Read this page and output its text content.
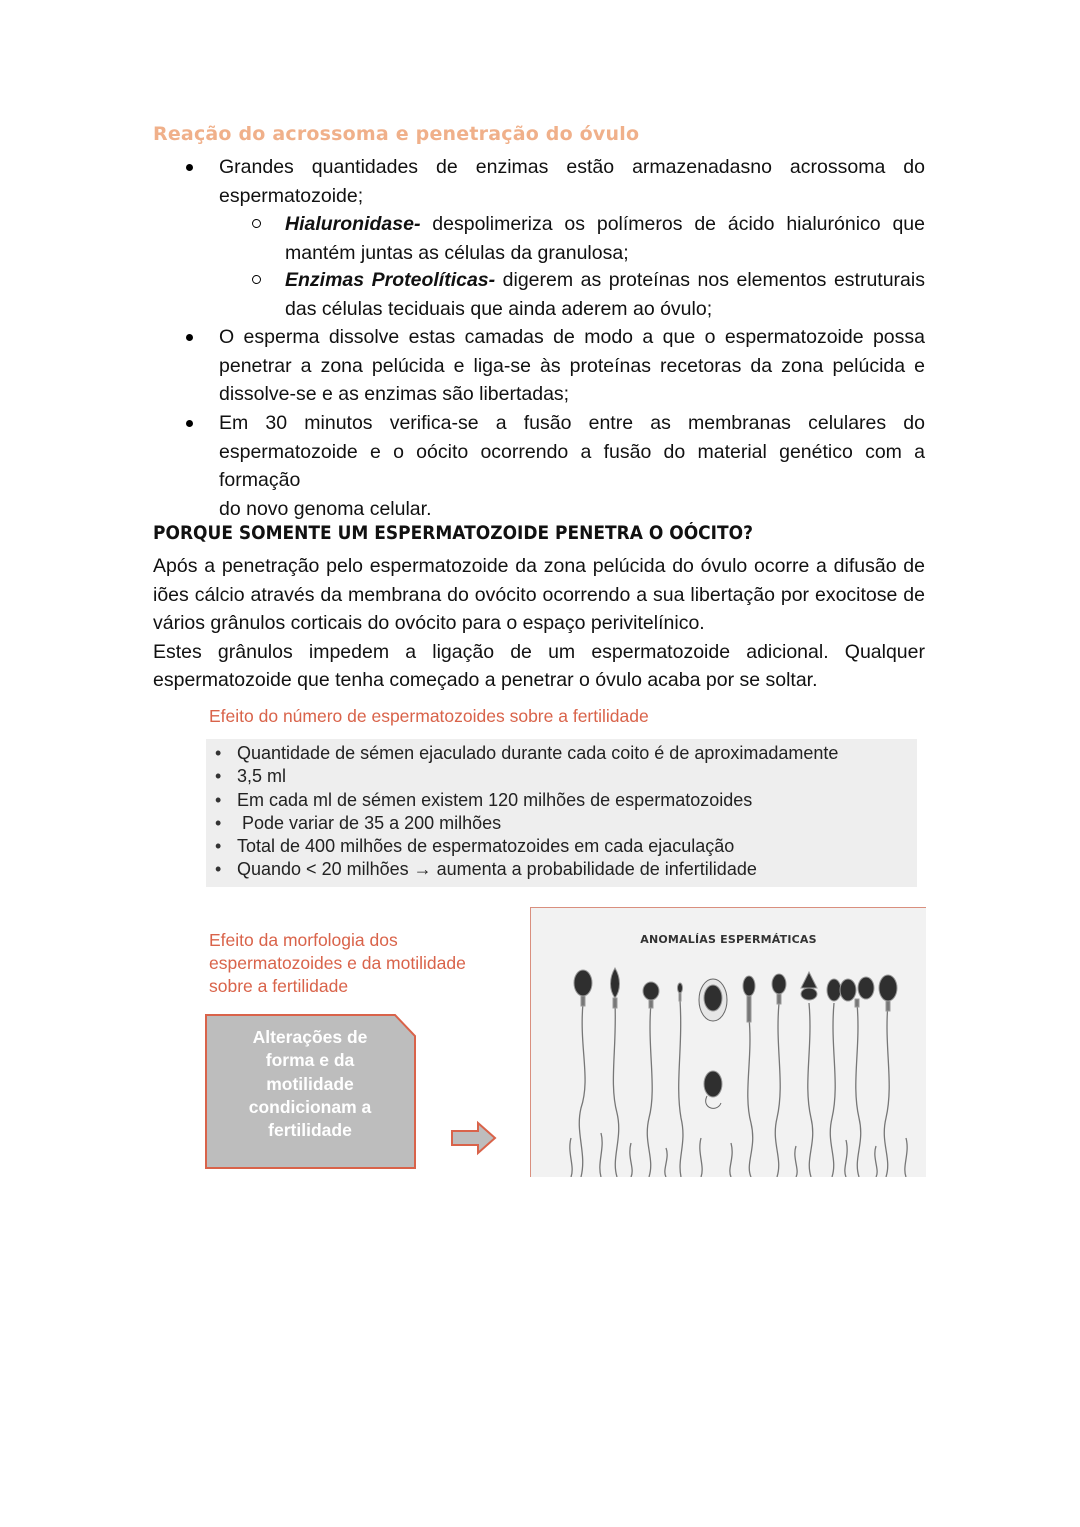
Reação do acrossoma e penetração do óvulo
Grandes quantidades de enzimas estão armazenadasno acrossoma do
espermatozoide;
Hialuronidase- despolimeriza os polímeros de ácido hialurónico que
mantém juntas as células da granulosa;
Enzimas Proteolíticas- digerem as proteínas nos elementos estruturais
das células teciduais que ainda aderem ao óvulo;
O esperma dissolve estas camadas de modo a que o espermatozoide possa
penetrar a zona pelúcida e liga-se às proteínas recetoras da zona pelúcida e
dissolve-se e as enzimas são libertadas;
Em 30 minutos verifica-se a fusão entre as membranas celulares do
espermatozoide e o oócito ocorrendo a fusão do material genético com a formação
do novo genoma celular.
PORQUE SOMENTE UM ESPERMATOZOIDE PENETRA O OÓCITO?
Após a penetração pelo espermatozoide da zona pelúcida do óvulo ocorre a difusão de
iões cálcio através da membrana do ovócito ocorrendo a sua libertação por exocitose de
vários grânulos corticais do ovócito para o espaço perivitelínico.
Estes grânulos impedem a ligação de um espermatozoide adicional. Qualquer
espermatozoide que tenha começado a penetrar o óvulo acaba por se soltar.
Efeito do número de espermatozoides sobre a fertilidade
• Quantidade de sémen ejaculado durante cada coito é de aproximadamente
• 3,5 ml
• Em cada ml de sémen existem 120 milhões de espermatozoides
•  Pode variar de 35 a 200 milhões
• Total de 400 milhões de espermatozoides em cada ejaculação
• Quando < 20 milhões → aumenta a probabilidade de infertilidade
Efeito da morfologia dos
espermatozoides e da motilidade
sobre a fertilidade
Alterações de
forma e da
motilidade
condicionam a
fertilidade
ANOMALÍAS ESPERMÁTICAS
